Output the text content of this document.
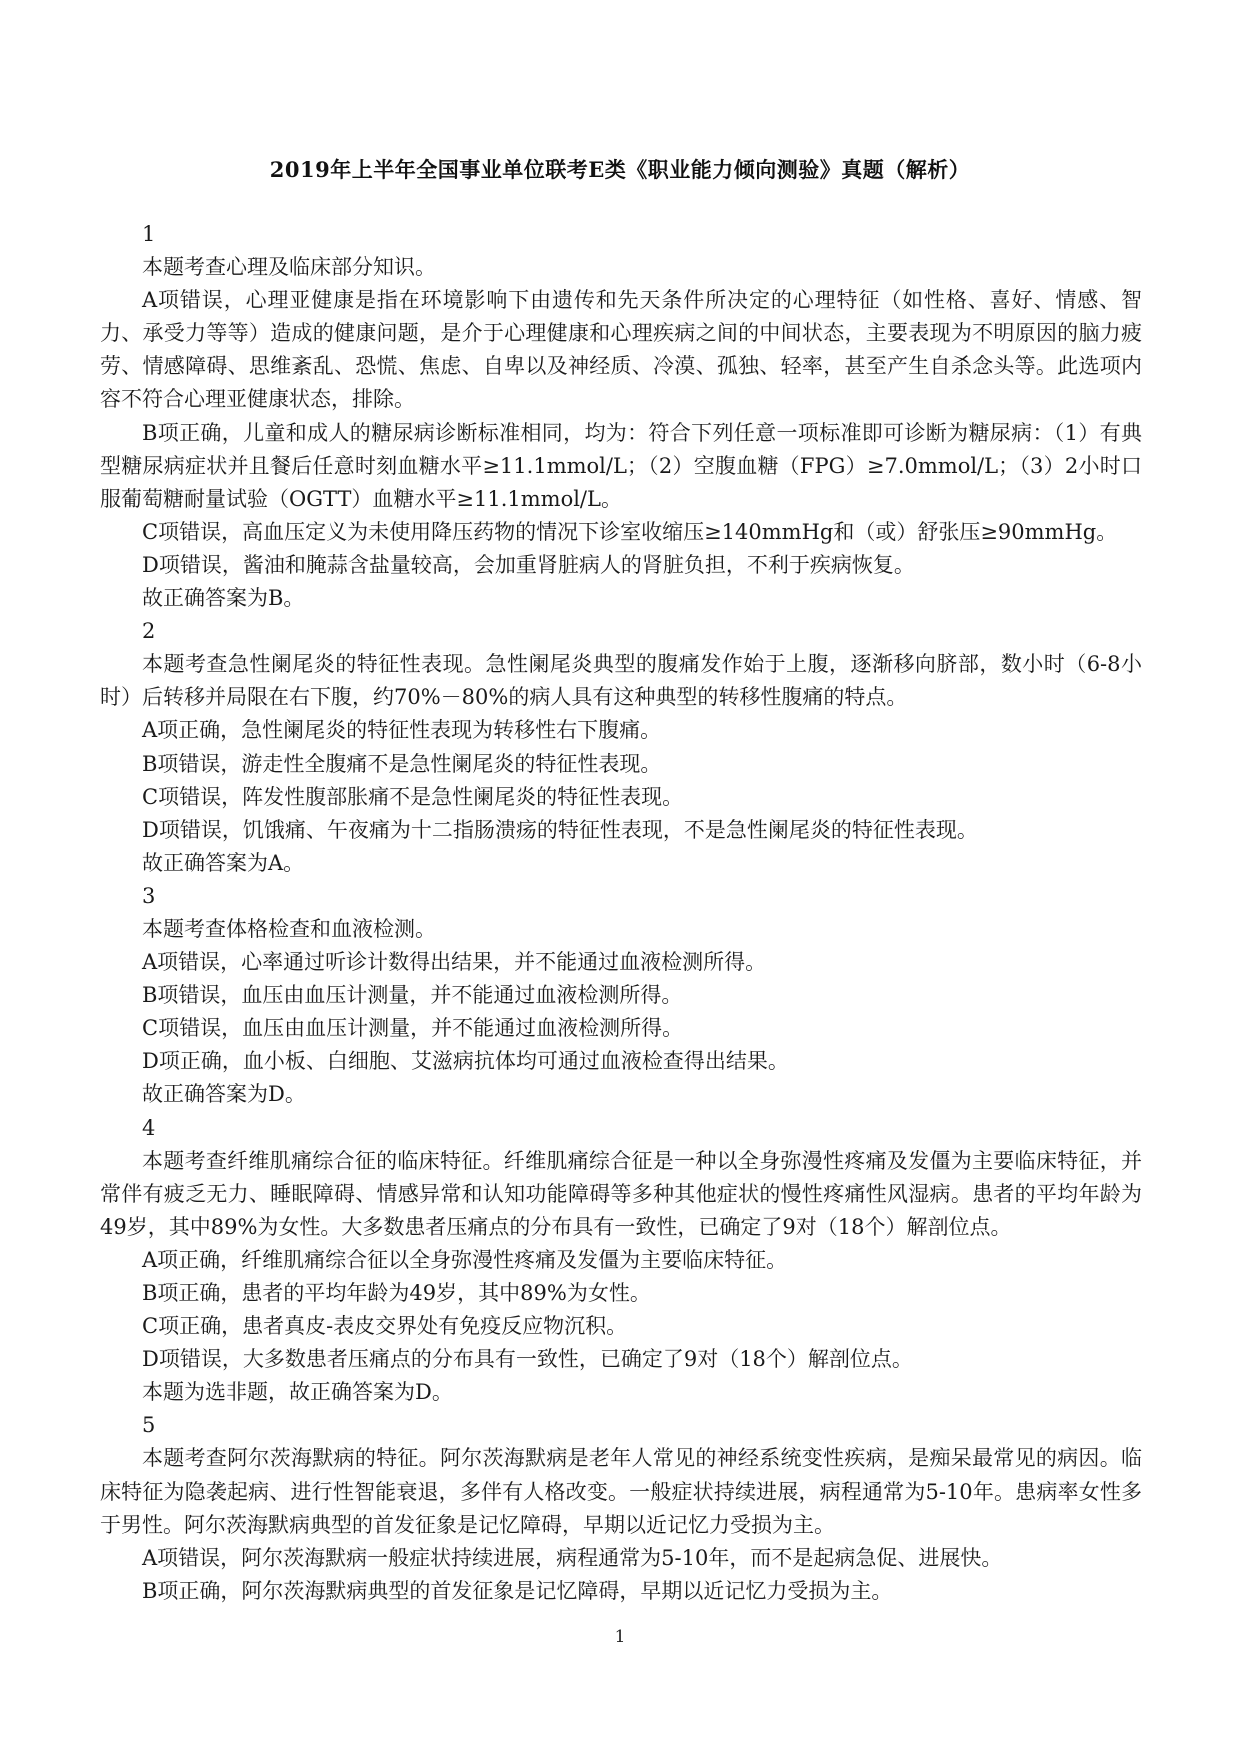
2019年上半年全国事业单位联考E类《职业能力倾向测验》真题（解析）

1

本题考查心理及临床部分知识。

A项错误，心理亚健康是指在环境影响下由遗传和先天条件所决定的心理特征（如性格、喜好、情感、智力、承受力等等）造成的健康问题，是介于心理健康和心理疾病之间的中间状态，主要表现为不明原因的脑力疲劳、情感障碍、思维紊乱、恐慌、焦虑、自卑以及神经质、冷漠、孤独、轻率，甚至产生自杀念头等。此选项内容不符合心理亚健康状态，排除。

B项正确，儿童和成人的糖尿病诊断标准相同，均为：符合下列任意一项标准即可诊断为糖尿病：（1）有典型糖尿病症状并且餐后任意时刻血糖水平≥11.1mmol/L；（2）空腹血糖（FPG）≥7.0mmol/L；（3）2小时口服葡萄糖耐量试验（OGTT）血糖水平≥11.1mmol/L。

C项错误，高血压定义为未使用降压药物的情况下诊室收缩压≥140mmHg和（或）舒张压≥90mmHg。

D项错误，酱油和腌蒜含盐量较高，会加重肾脏病人的肾脏负担，不利于疾病恢复。

故正确答案为B。

2

本题考查急性阑尾炎的特征性表现。急性阑尾炎典型的腹痛发作始于上腹，逐渐移向脐部，数小时（6-8小时）后转移并局限在右下腹，约70%－80%的病人具有这种典型的转移性腹痛的特点。

A项正确，急性阑尾炎的特征性表现为转移性右下腹痛。

B项错误，游走性全腹痛不是急性阑尾炎的特征性表现。

C项错误，阵发性腹部胀痛不是急性阑尾炎的特征性表现。

D项错误，饥饿痛、午夜痛为十二指肠溃疡的特征性表现，不是急性阑尾炎的特征性表现。

故正确答案为A。

3

本题考查体格检查和血液检测。

A项错误，心率通过听诊计数得出结果，并不能通过血液检测所得。

B项错误，血压由血压计测量，并不能通过血液检测所得。

C项错误，血压由血压计测量，并不能通过血液检测所得。

D项正确，血小板、白细胞、艾滋病抗体均可通过血液检查得出结果。

故正确答案为D。

4

本题考查纤维肌痛综合征的临床特征。纤维肌痛综合征是一种以全身弥漫性疼痛及发僵为主要临床特征，并常伴有疲乏无力、睡眠障碍、情感异常和认知功能障碍等多种其他症状的慢性疼痛性风湿病。患者的平均年龄为49岁，其中89%为女性。大多数患者压痛点的分布具有一致性，已确定了9对（18个）解剖位点。

A项正确，纤维肌痛综合征以全身弥漫性疼痛及发僵为主要临床特征。

B项正确，患者的平均年龄为49岁，其中89%为女性。

C项正确，患者真皮-表皮交界处有免疫反应物沉积。

D项错误，大多数患者压痛点的分布具有一致性，已确定了9对（18个）解剖位点。

本题为选非题，故正确答案为D。

5

本题考查阿尔茨海默病的特征。阿尔茨海默病是老年人常见的神经系统变性疾病，是痴呆最常见的病因。临床特征为隐袭起病、进行性智能衰退，多伴有人格改变。一般症状持续进展，病程通常为5-10年。患病率女性多于男性。阿尔茨海默病典型的首发征象是记忆障碍，早期以近记忆力受损为主。

A项错误，阿尔茨海默病一般症状持续进展，病程通常为5-10年，而不是起病急促、进展快。

B项正确，阿尔茨海默病典型的首发征象是记忆障碍，早期以近记忆力受损为主。

1
